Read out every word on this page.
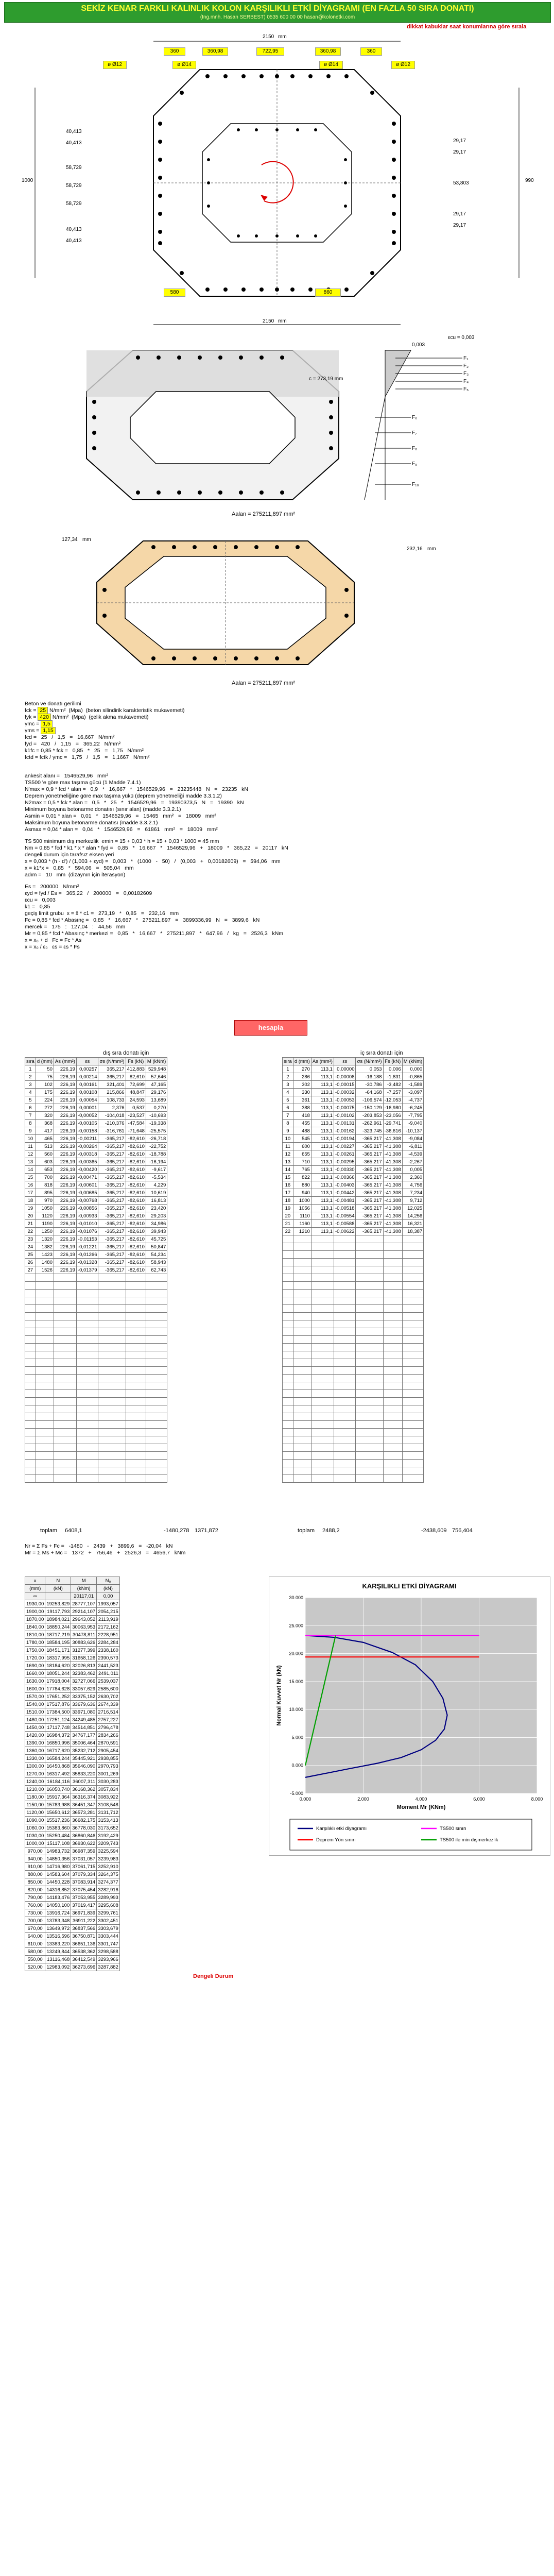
SEKİZ KENAR FARKLI KALINLIK KOLON KARŞILIKLI ETKİ DİYAGRAMI (EN FAZLA 50 SIRA DONATI)
(Ing.mnh. Hasan SERBEST) 0535 600 00 00 hasan@kolonetki.com
dikkat kabuklar saat konumlarına göre sırala
2150 mm
360	360,98	722,95	360,98	360
ø Ø12	ø Ø14	ø Ø14	ø Ø12
40,413
40,413
58,729
58,729
58,729
40,413
40,413
1000
29,17
29,17
53,803
29,17
29,17
990
580	860
2150 mm
0,003
F₁
F₂
F₃
F₄
F₅
F₆
F₇
F₈
F₉
F₁₀
c = 273,19 mm
εcu = 0,003
Aalan = 275211,897 mm²
127,34 mm
232,16 mm
Aalan = 275211,897 mm²
Beton ve donatı gerilimi
fck = 25 N/mm²  (Mpa)  (beton silindirik karakteristik mukavemeti)
fyk = 420 N/mm²  (Mpa)  (çelik akma mukavemeti)
γmc = 1,5
γms = 1,15
fcd =   25   /   1,5   =   16,667   N/mm²
fyd =   420   /   1,15   =   365,22   N/mm²
k1fc = 0,85 * fck =   0,85   *   25   =   1,75   N/mm²
fctd = fctk / γmc =   1,75   /   1,5   =   1,1667   N/mm²
ankesit alanı =   1546529,96   mm²
TS500 'e göre max taşıma gücü (1 Madde 7.4.1)
N'max = 0,9 * fcd * alan =   0,9   *   16,667   *   1546529,96   =   23235448   N   =   23235   kN
Deprem yönetmeliğine göre max taşıma yükü (deprem yönetmeliği madde 3.3.1.2)
N2max = 0,5 * fck * alan =   0,5   *   25   *   1546529,96   =   19390373,5   N   =   19390   kN
Minimum boyuna betonarme donatısı (sınır alan) (madde 3.3.2.1)
Asmin = 0,01 * alan =   0,01   *   1546529,96   =   15465   mm²   =   18009   mm²
Maksimum boyuna betonarme donatısı (madde 3.3.2.1)
Asmax = 0,04 * alan =   0,04   *   1546529,96   =   61861   mm²   =   18009   mm²
TS 500 minimum dış merkezlik  emin = 15 + 0,03 * h = 15 + 0,03 * 1000 = 45 mm
Nm = 0,85 * fcd * k1 * x * alan * fyd =   0,85   *   16,667   *   1546529,96   +   18009   *   365,22   =   20117   kN
dengeli durum için tarafsız eksen yeri
x = 0,003 * (h - d') / (1,003 + εyd) =   0,003   *   (1000   -   50)   /   (0,003   +   0,00182609)   =   594,06   mm
x = k1*x =   0,85   *   594,06   =   505,04   mm
adım =   10   mm  (dizaynın için iterasyon)
Es =   200000   N/mm²
εyd = fyd / Es =   365,22   /   200000   =   0,00182609
εcu =   0,003
k1 =   0,85
geçiş limit grubu  x = x̄ * c1 =   273,19   *   0,85   =   232,16   mm
Fc = 0,85 * fcd * Abasınç =   0,85   *   16,667   *   275211,897   =   3899336,99   N   =   3899,6   kN
mercek =   175   :   127,04   :   44,56   mm
Mr = 0,85 * fcd * Abasınç * merkezi =   0,85   *   16,667   *   275211,897   *   647,96   /   kg   =   2526,3   kNm
x = x₀ + d   Fc = Fc * As
x = x₀ / ε₀   εs = εs * Fs
hesapla
dış sıra donatı için	iç sıra donatı için
sıra	d (mm)	As (mm²)	εs	σs (N/mm²)	Fs (kN)	M (kNm)
1	50	226,19	0,00257	365,217	412,883	529,948
2	75	226,19	0,00214	365,217	82,610	57,646
3	102	226,19	0,00161	321,401	72,699	47,165
4	175	226,19	0,00108	215,866	48,847	29,176
5	224	226,19	0,00054	108,733	24,593	13,689
6	272	226,19	0,00001	2,376	0,537	0,270
7	320	226,19	-0,00052	-104,018	-23,527	-10,693
8	368	226,19	-0,00105	-210,376	-47,584	-19,338
9	417	226,19	-0,00158	-316,761	-71,648	-25,575
10	465	226,19	-0,00211	-365,217	-82,610	-26,718
11	513	226,19	-0,00264	-365,217	-82,610	-22,752
12	560	226,19	-0,00318	-365,217	-82,610	-18,788
13	603	226,19	-0,00365	-365,217	-82,610	-16,194
14	653	226,19	-0,00420	-365,217	-82,610	-9,617
15	700	226,19	-0,00471	-365,217	-82,610	-5,534
16	818	226,19	-0,00601	-365,217	-82,610	4,229
17	895	226,19	-0,00685	-365,217	-82,610	10,619
18	970	226,19	-0,00768	-365,217	-82,610	16,813
19	1050	226,19	-0,00856	-365,217	-82,610	23,420
20	1120	226,19	-0,00933	-365,217	-82,610	29,203
21	1190	226,19	-0,01010	-365,217	-82,610	34,986
22	1250	226,19	-0,01076	-365,217	-82,610	39,943
23	1320	226,19	-0,01153	-365,217	-82,610	45,725
24	1382	226,19	-0,01221	-365,217	-82,610	50,847
25	1423	226,19	-0,01266	-365,217	-82,610	54,234
26	1480	226,19	-0,01328	-365,217	-82,610	58,943
27	1526	226,19	-0,01379	-365,217	-82,610	62,743

sıra	d (mm)	As (mm²)	εs	σs (N/mm²)	Fs (kN)	M (kNm)
1	270	113,1	0,00000	0,053	0,006	0,000
2	286	113,1	-0,00008	-16,188	-1,831	-0,865
3	302	113,1	-0,00015	-30,786	-3,482	-1,589
4	330	113,1	-0,00032	-64,168	-7,257	-3,097
5	361	113,1	-0,00053	-106,574	-12,053	-4,737
6	388	113,1	-0,00075	-150,129	-16,980	-6,245
7	418	113,1	-0,00102	-203,853	-23,056	-7,795
8	455	113,1	-0,00131	-262,961	-29,741	-9,040
9	488	113,1	-0,00162	-323,745	-36,616	-10,137
10	545	113,1	-0,00194	-365,217	-41,308	-9,084
11	600	113,1	-0,00227	-365,217	-41,308	-6,811
12	655	113,1	-0,00261	-365,217	-41,308	-4,539
13	710	113,1	-0,00295	-365,217	-41,308	-2,267
14	765	113,1	-0,00330	-365,217	-41,308	0,005
15	822	113,1	-0,00366	-365,217	-41,308	2,360
16	880	113,1	-0,00403	-365,217	-41,308	4,756
17	940	113,1	-0,00442	-365,217	-41,308	7,234
18	1000	113,1	-0,00481	-365,217	-41,308	9,712
19	1056	113,1	-0,00518	-365,217	-41,308	12,025
20	1110	113,1	-0,00554	-365,217	-41,308	14,256
21	1160	113,1	-0,00588	-365,217	-41,308	16,321
22	1210	113,1	-0,00622	-365,217	-41,308	18,387

toplam 6408,1	-1480,278 1371,872	toplam 2488,2	-2438,609 756,404
Nr = Σ Fs + Fc =   -1480   -   2439   +   3899,6   =   -20,04   kN
Mr = Σ Ms + Mc =   1372   +   756,46   +   2526,3   =   4656,7   kNm
x	N	M	N₀
(mm)	(kN)	(kNm)	(kN)
∞		20117,01	0,00
1930,00	19253,829	28777,107	1993,057
1900,00	19117,793	29214,107	2054,215
1870,00	18984,021	29643,052	2113,919
1840,00	18850,244	30063,953	2172,162
1810,00	18717,219	30478,811	2228,951
1780,00	18584,195	30883,626	2284,284
1750,00	18451,171	31277,399	2338,160
1720,00	18317,995	31658,126	2390,573
1690,00	18184,620	32026,813	2441,523
1660,00	18051,244	32383,462	2491,011
1630,00	17918,004	32727,066	2539,037
1600,00	17784,628	33057,629	2585,600
1570,00	17651,252	33375,152	2630,702
1540,00	17517,876	33679,636	2674,339
1510,00	17384,500	33971,080	2716,514
1480,00	17251,124	34249,485	2757,227
1450,00	17117,748	34514,851	2796,478
1420,00	16984,372	34767,177	2834,266
1390,00	16850,996	35006,464	2870,591
1360,00	16717,620	35232,712	2905,454
1330,00	16584,244	35445,921	2938,855
1300,00	16450,868	35646,090	2970,793
1270,00	16317,492	35833,220	3001,269
1240,00	16184,116	36007,311	3030,283
1210,00	16050,740	36168,362	3057,834
1180,00	15917,364	36316,374	3083,922
1150,00	15783,988	36451,347	3108,548
1120,00	15650,612	36573,281	3131,712
1090,00	15517,236	36682,175	3153,413
1060,00	15383,860	36778,030	3173,652
1030,00	15250,484	36860,846	3192,429
1000,00	15117,108	36930,622	3209,743
970,00	14983,732	36987,359	3225,594
940,00	14850,356	37031,057	3239,983
910,00	14716,980	37061,715	3252,910
880,00	14583,604	37079,334	3264,375
850,00	14450,228	37083,914	3274,377
820,00	14316,852	37075,454	3282,916
790,00	14183,476	37053,955	3289,993
760,00	14050,100	37019,417	3295,608
730,00	13916,724	36971,839	3299,761
700,00	13783,348	36911,222	3302,451
670,00	13649,972	36837,566	3303,679
640,00	13516,596	36750,871	3303,444
610,00	13383,220	36651,136	3301,747
580,00	13249,844	36538,362	3298,588
550,00	13116,468	36412,549	3293,966
520,00	12983,092	36273,696	3287,882
Dengeli Durum

KARŞILIKLI ETKİ DİYAGRAMI
-5.000
0.000
5.000
10.000
15.000
20.000
25.000
30.000
0.000	2.000	4.000	6.000	8.000
Moment Mr (KNm)
Normal Kuvvet Nr (kN)
Karşılıklı etki diyagramı	TS500 sınırı
Deprem Yön sınırı	TS500 ile min dışmerkezlik
